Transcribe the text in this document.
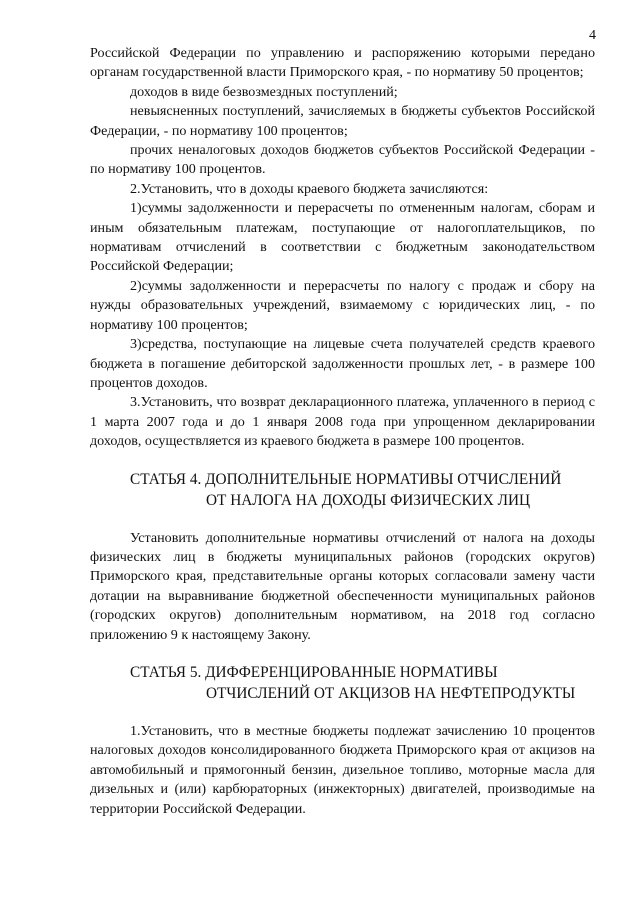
4

Российской Федерации по управлению и распоряжению которыми передано органам государственной власти Приморского края, - по нормативу 50 процентов;

доходов в виде безвозмездных поступлений;

невыясненных поступлений, зачисляемых в бюджеты субъектов Российской Федерации, - по нормативу 100 процентов;

прочих неналоговых доходов бюджетов субъектов Российской Федерации - по нормативу 100 процентов.

2.Установить, что в доходы краевого бюджета зачисляются:

1)суммы задолженности и перерасчеты по отмененным налогам, сборам и иным обязательным платежам, поступающие от налогоплательщиков, по нормативам отчислений в соответствии с бюджетным законодательством Российской Федерации;

2)суммы задолженности и перерасчеты по налогу с продаж и сбору на нужды образовательных учреждений, взимаемому с юридических лиц, - по нормативу 100 процентов;

3)средства, поступающие на лицевые счета получателей средств краевого бюджета в погашение дебиторской задолженности прошлых лет, - в размере 100 процентов доходов.

3.Установить, что возврат декларационного платежа, уплаченного в период с 1 марта 2007 года и до 1 января 2008 года при упрощенном декларировании доходов, осуществляется из краевого бюджета в размере 100 процентов.

СТАТЬЯ 4. ДОПОЛНИТЕЛЬНЫЕ НОРМАТИВЫ ОТЧИСЛЕНИЙ
ОТ НАЛОГА НА ДОХОДЫ ФИЗИЧЕСКИХ ЛИЦ

Установить дополнительные нормативы отчислений от налога на доходы физических лиц в бюджеты муниципальных районов (городских округов) Приморского края, представительные органы которых согласовали замену части дотации на выравнивание бюджетной обеспеченности муниципальных районов (городских округов) дополнительным нормативом, на 2018 год согласно приложению 9 к настоящему Закону.

СТАТЬЯ 5. ДИФФЕРЕНЦИРОВАННЫЕ НОРМАТИВЫ
ОТЧИСЛЕНИЙ ОТ АКЦИЗОВ НА НЕФТЕПРОДУКТЫ

1.Установить, что в местные бюджеты подлежат зачислению 10 процентов налоговых доходов консолидированного бюджета Приморского края от акцизов на автомобильный и прямогонный бензин, дизельное топливо, моторные масла для дизельных и (или) карбюраторных (инжекторных) двигателей, производимые на территории Российской Федерации.
